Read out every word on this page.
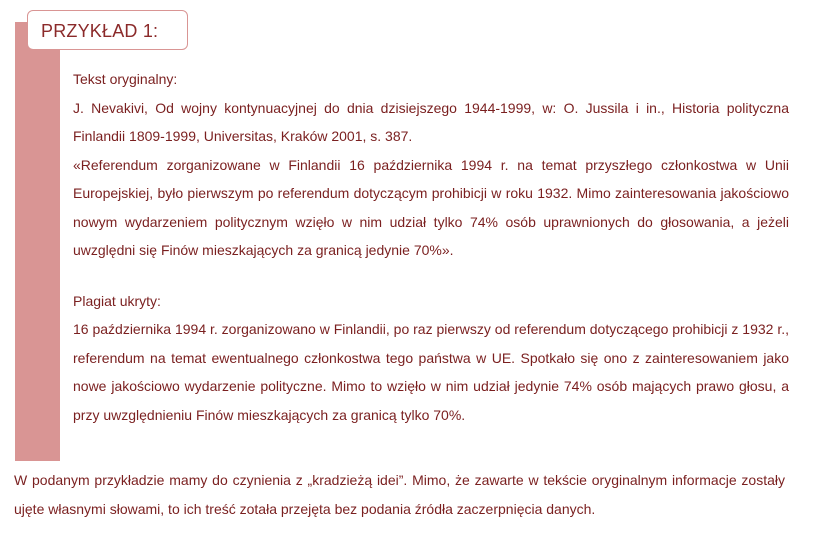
PRZYKŁAD 1:

Tekst oryginalny:

J. Nevakivi, Od wojny kontynuacyjnej do dnia dzisiejszego 1944-1999, w: O. Jussila i in., Historia polityczna Finlandii 1809-1999, Universitas, Kraków 2001, s. 387.

«Referendum zorganizowane w Finlandii 16 października 1994 r. na temat przyszłego członkostwa w Unii Europejskiej, było pierwszym po referendum dotyczącym prohibicji w roku 1932. Mimo zainteresowania jakościowo nowym wydarzeniem politycznym wzięło w nim udział tylko 74% osób uprawnionych do głosowania, a jeżeli uwzględni się Finów mieszkających za granicą jedynie 70%».

Plagiat ukryty:

16 października 1994 r. zorganizowano w Finlandii, po raz pierwszy od referendum dotyczącego prohibicji z 1932 r., referendum na temat ewentualnego członkostwa tego państwa w UE. Spotkało się ono z zainteresowaniem jako nowe jakościowo wydarzenie polityczne. Mimo to wzięło w nim udział jedynie 74% osób mających prawo głosu, a przy uwzględnieniu Finów mieszkających za granicą tylko 70%.

W podanym przykładzie mamy do czynienia z „kradzieżą idei”. Mimo, że zawarte w tekście oryginalnym informacje zostały ujęte własnymi słowami, to ich treść zotała przejęta bez podania źródła zaczerpnięcia danych.
